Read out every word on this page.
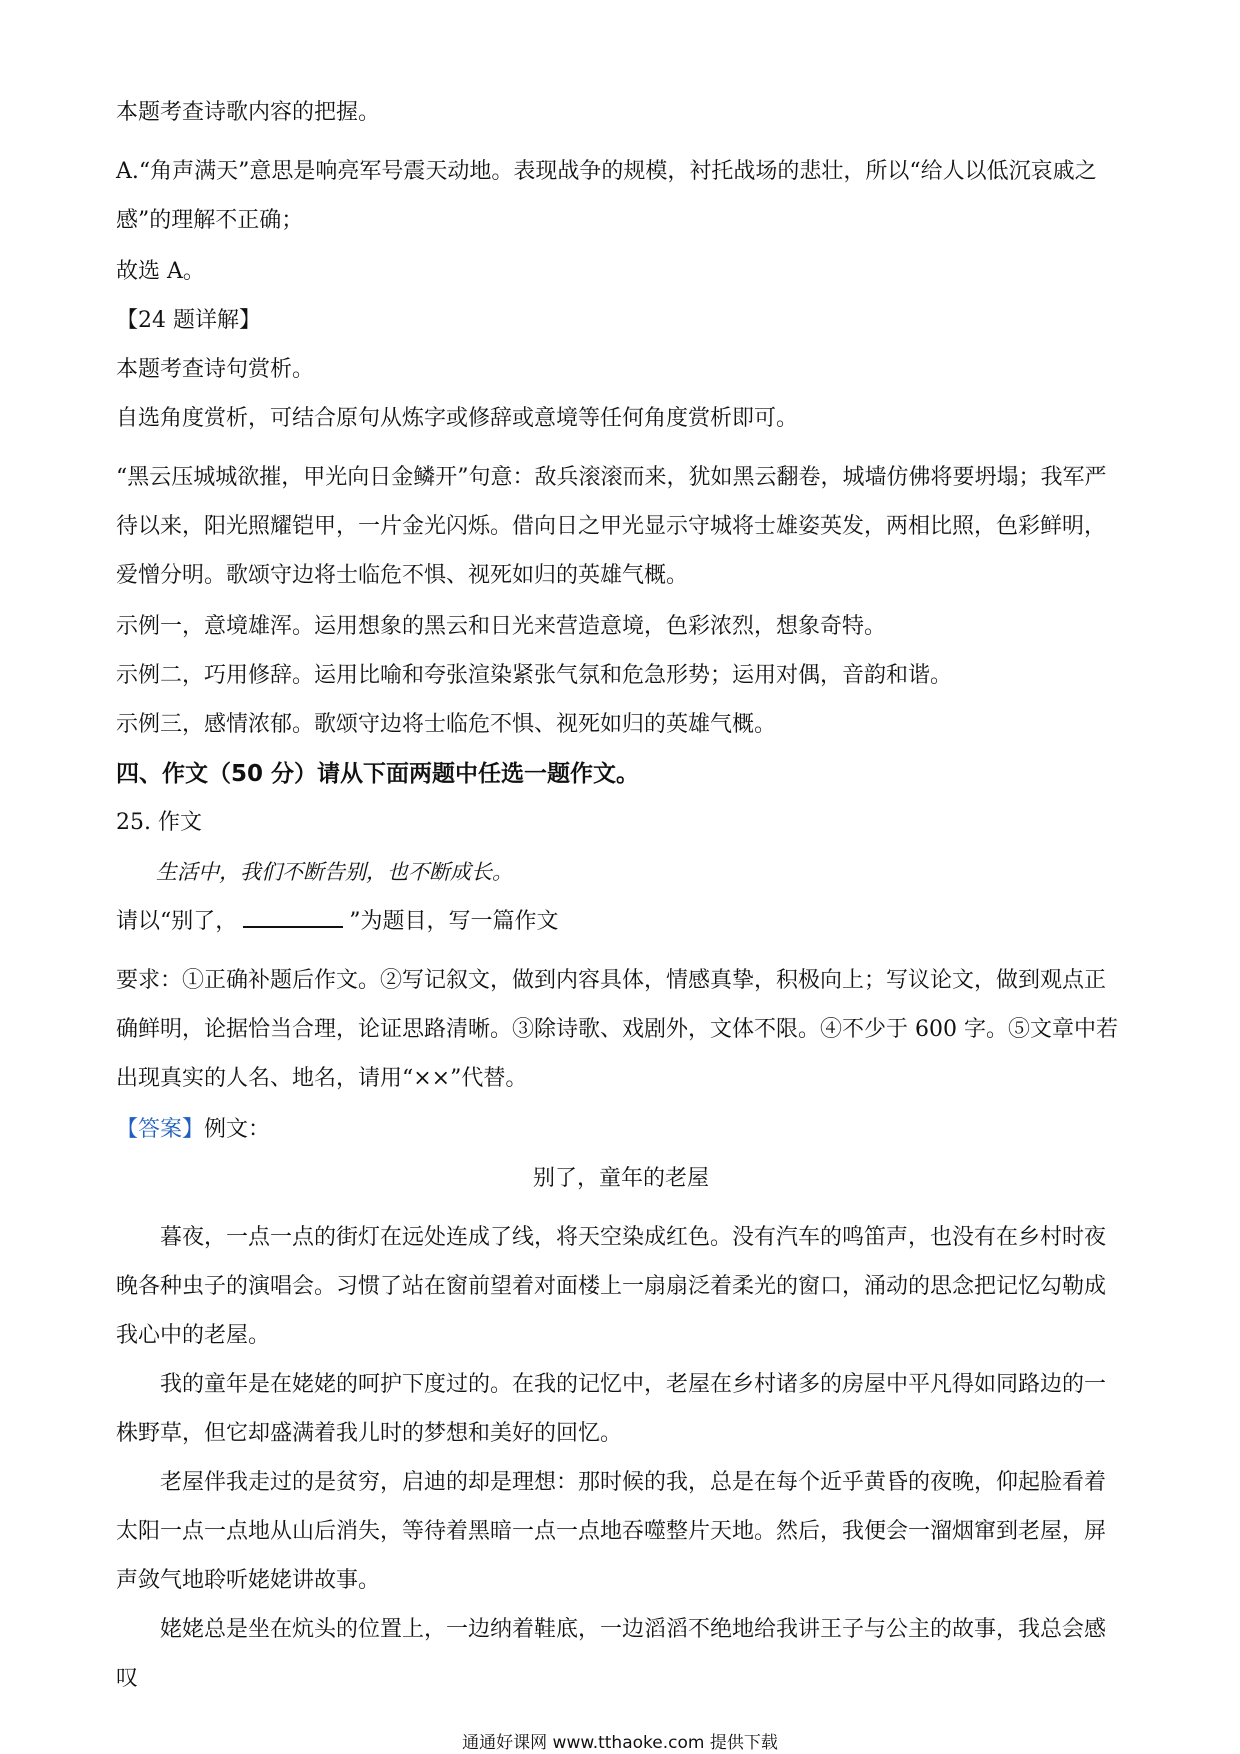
本题考查诗歌内容的把握。

A.“角声满天”意思是响亮军号震天动地。表现战争的规模，衬托战场的悲壮，所以“给人以低沉哀戚之感”的理解不正确；

故选 A。

【24 题详解】

本题考查诗句赏析。

自选角度赏析，可结合原句从炼字或修辞或意境等任何角度赏析即可。

“黑云压城城欲摧，甲光向日金鳞开”句意：敌兵滚滚而来，犹如黑云翻卷，城墙仿佛将要坍塌；我军严待以来，阳光照耀铠甲，一片金光闪烁。借向日之甲光显示守城将士雄姿英发，两相比照，色彩鲜明，爱憎分明。歌颂守边将士临危不惧、视死如归的英雄气概。

示例一，意境雄浑。运用想象的黑云和日光来营造意境，色彩浓烈，想象奇特。

示例二，巧用修辞。运用比喻和夸张渲染紧张气氛和危急形势；运用对偶，音韵和谐。

示例三，感情浓郁。歌颂守边将士临危不惧、视死如归的英雄气概。

四、作文（50 分）请从下面两题中任选一题作文。

25. 作文

生活中，我们不断告别，也不断成长。

请以“别了，	”为题目，写一篇作文

要求：①正确补题后作文。②写记叙文，做到内容具体，情感真挚，积极向上；写议论文，做到观点正确鲜明，论据恰当合理，论证思路清晰。③除诗歌、戏剧外，文体不限。④不少于 600 字。⑤文章中若出现真实的人名、地名，请用“××”代替。

【答案】例文：

别了，童年的老屋

暮夜，一点一点的街灯在远处连成了线，将天空染成红色。没有汽车的鸣笛声，也没有在乡村时夜晚各种虫子的演唱会。习惯了站在窗前望着对面楼上一扇扇泛着柔光的窗口，涌动的思念把记忆勾勒成我心中的老屋。

我的童年是在姥姥的呵护下度过的。在我的记忆中，老屋在乡村诸多的房屋中平凡得如同路边的一株野草，但它却盛满着我儿时的梦想和美好的回忆。

老屋伴我走过的是贫穷，启迪的却是理想：那时候的我，总是在每个近乎黄昏的夜晚，仰起脸看着太阳一点一点地从山后消失，等待着黑暗一点一点地吞噬整片天地。然后，我便会一溜烟窜到老屋，屏声敛气地聆听姥姥讲故事。

姥姥总是坐在炕头的位置上，一边纳着鞋底，一边滔滔不绝地给我讲王子与公主的故事，我总会感叹

通通好课网 www.tthaoke.com 提供下载
